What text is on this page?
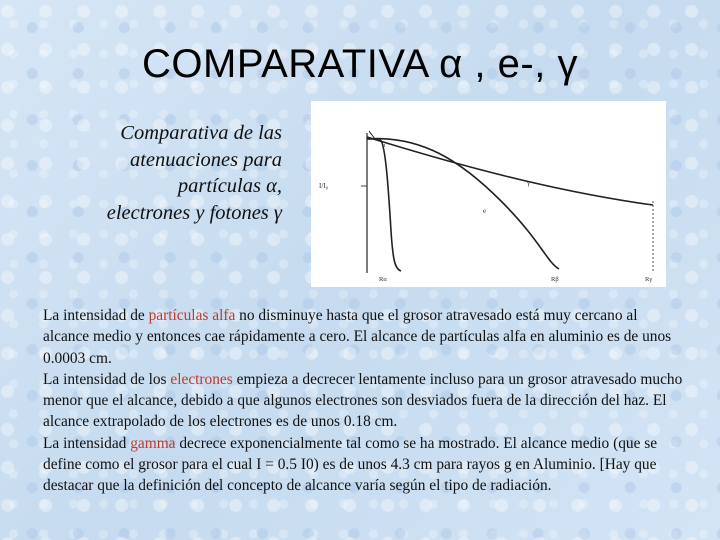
COMPARATIVA α , e-, γ
Comparativa de las
atenuaciones para
partículas α,
electrones y fotones γ
I/I₀	γ
e
α
Rα	Rβ	Rγ
La intensidad de partículas alfa no disminuye hasta que el grosor atravesado está muy cercano al alcance medio y entonces cae rápidamente a cero. El alcance de partículas alfa en aluminio es de unos 0.0003 cm.
La intensidad de los electrones empieza a decrecer lentamente incluso para un grosor atravesado mucho menor que el alcance, debido a que algunos electrones son desviados fuera de la dirección del haz. El alcance extrapolado de los electrones es de unos 0.18 cm.
La intensidad gamma decrece exponencialmente tal como se ha mostrado. El alcance medio (que se define como el grosor para el cual I = 0.5 I0) es de unos 4.3 cm para rayos g en Aluminio. [Hay que destacar que la definición del concepto de alcance varía según el tipo de radiación.
